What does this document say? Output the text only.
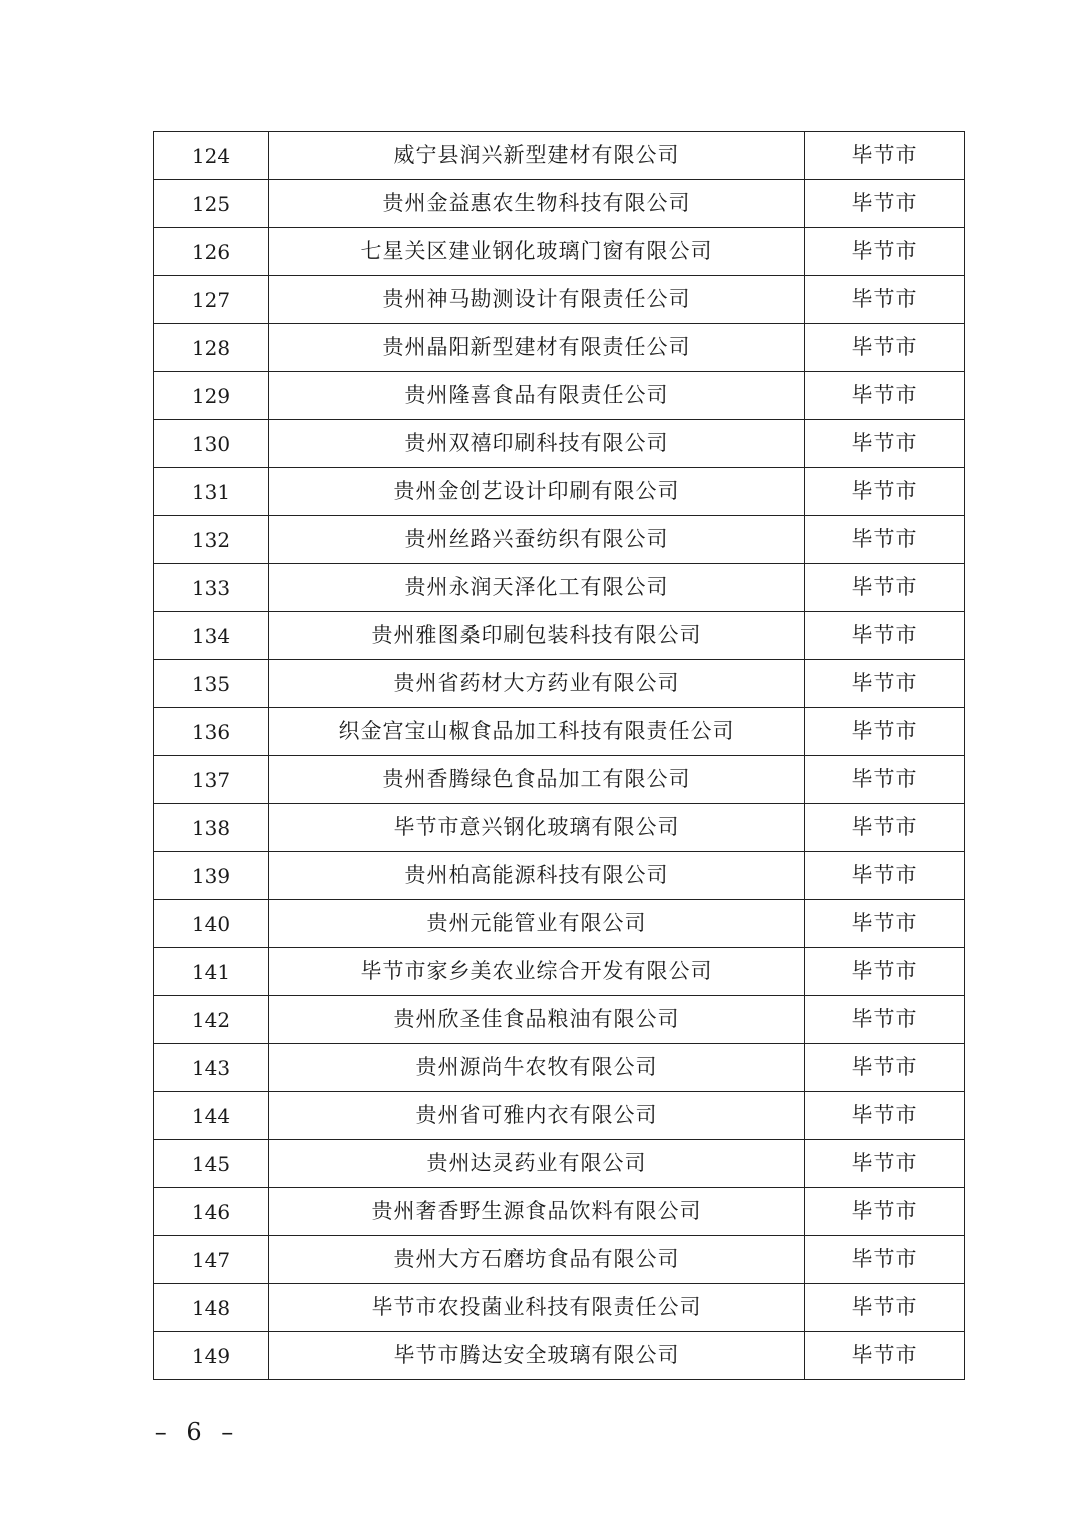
124	威宁县润兴新型建材有限公司	毕节市
125	贵州金益惠农生物科技有限公司	毕节市
126	七星关区建业钢化玻璃门窗有限公司	毕节市
127	贵州神马勘测设计有限责任公司	毕节市
128	贵州晶阳新型建材有限责任公司	毕节市
129	贵州隆喜食品有限责任公司	毕节市
130	贵州双禧印刷科技有限公司	毕节市
131	贵州金创艺设计印刷有限公司	毕节市
132	贵州丝路兴蚕纺织有限公司	毕节市
133	贵州永润天泽化工有限公司	毕节市
134	贵州雅图桑印刷包装科技有限公司	毕节市
135	贵州省药材大方药业有限公司	毕节市
136	织金宫宝山椒食品加工科技有限责任公司	毕节市
137	贵州香腾绿色食品加工有限公司	毕节市
138	毕节市意兴钢化玻璃有限公司	毕节市
139	贵州柏高能源科技有限公司	毕节市
140	贵州元能管业有限公司	毕节市
141	毕节市家乡美农业综合开发有限公司	毕节市
142	贵州欣圣佳食品粮油有限公司	毕节市
143	贵州源尚牛农牧有限公司	毕节市
144	贵州省可雅内衣有限公司	毕节市
145	贵州达灵药业有限公司	毕节市
146	贵州奢香野生源食品饮料有限公司	毕节市
147	贵州大方石磨坊食品有限公司	毕节市
148	毕节市农投菌业科技有限责任公司	毕节市
149	毕节市腾达安全玻璃有限公司	毕节市
– 6 –
